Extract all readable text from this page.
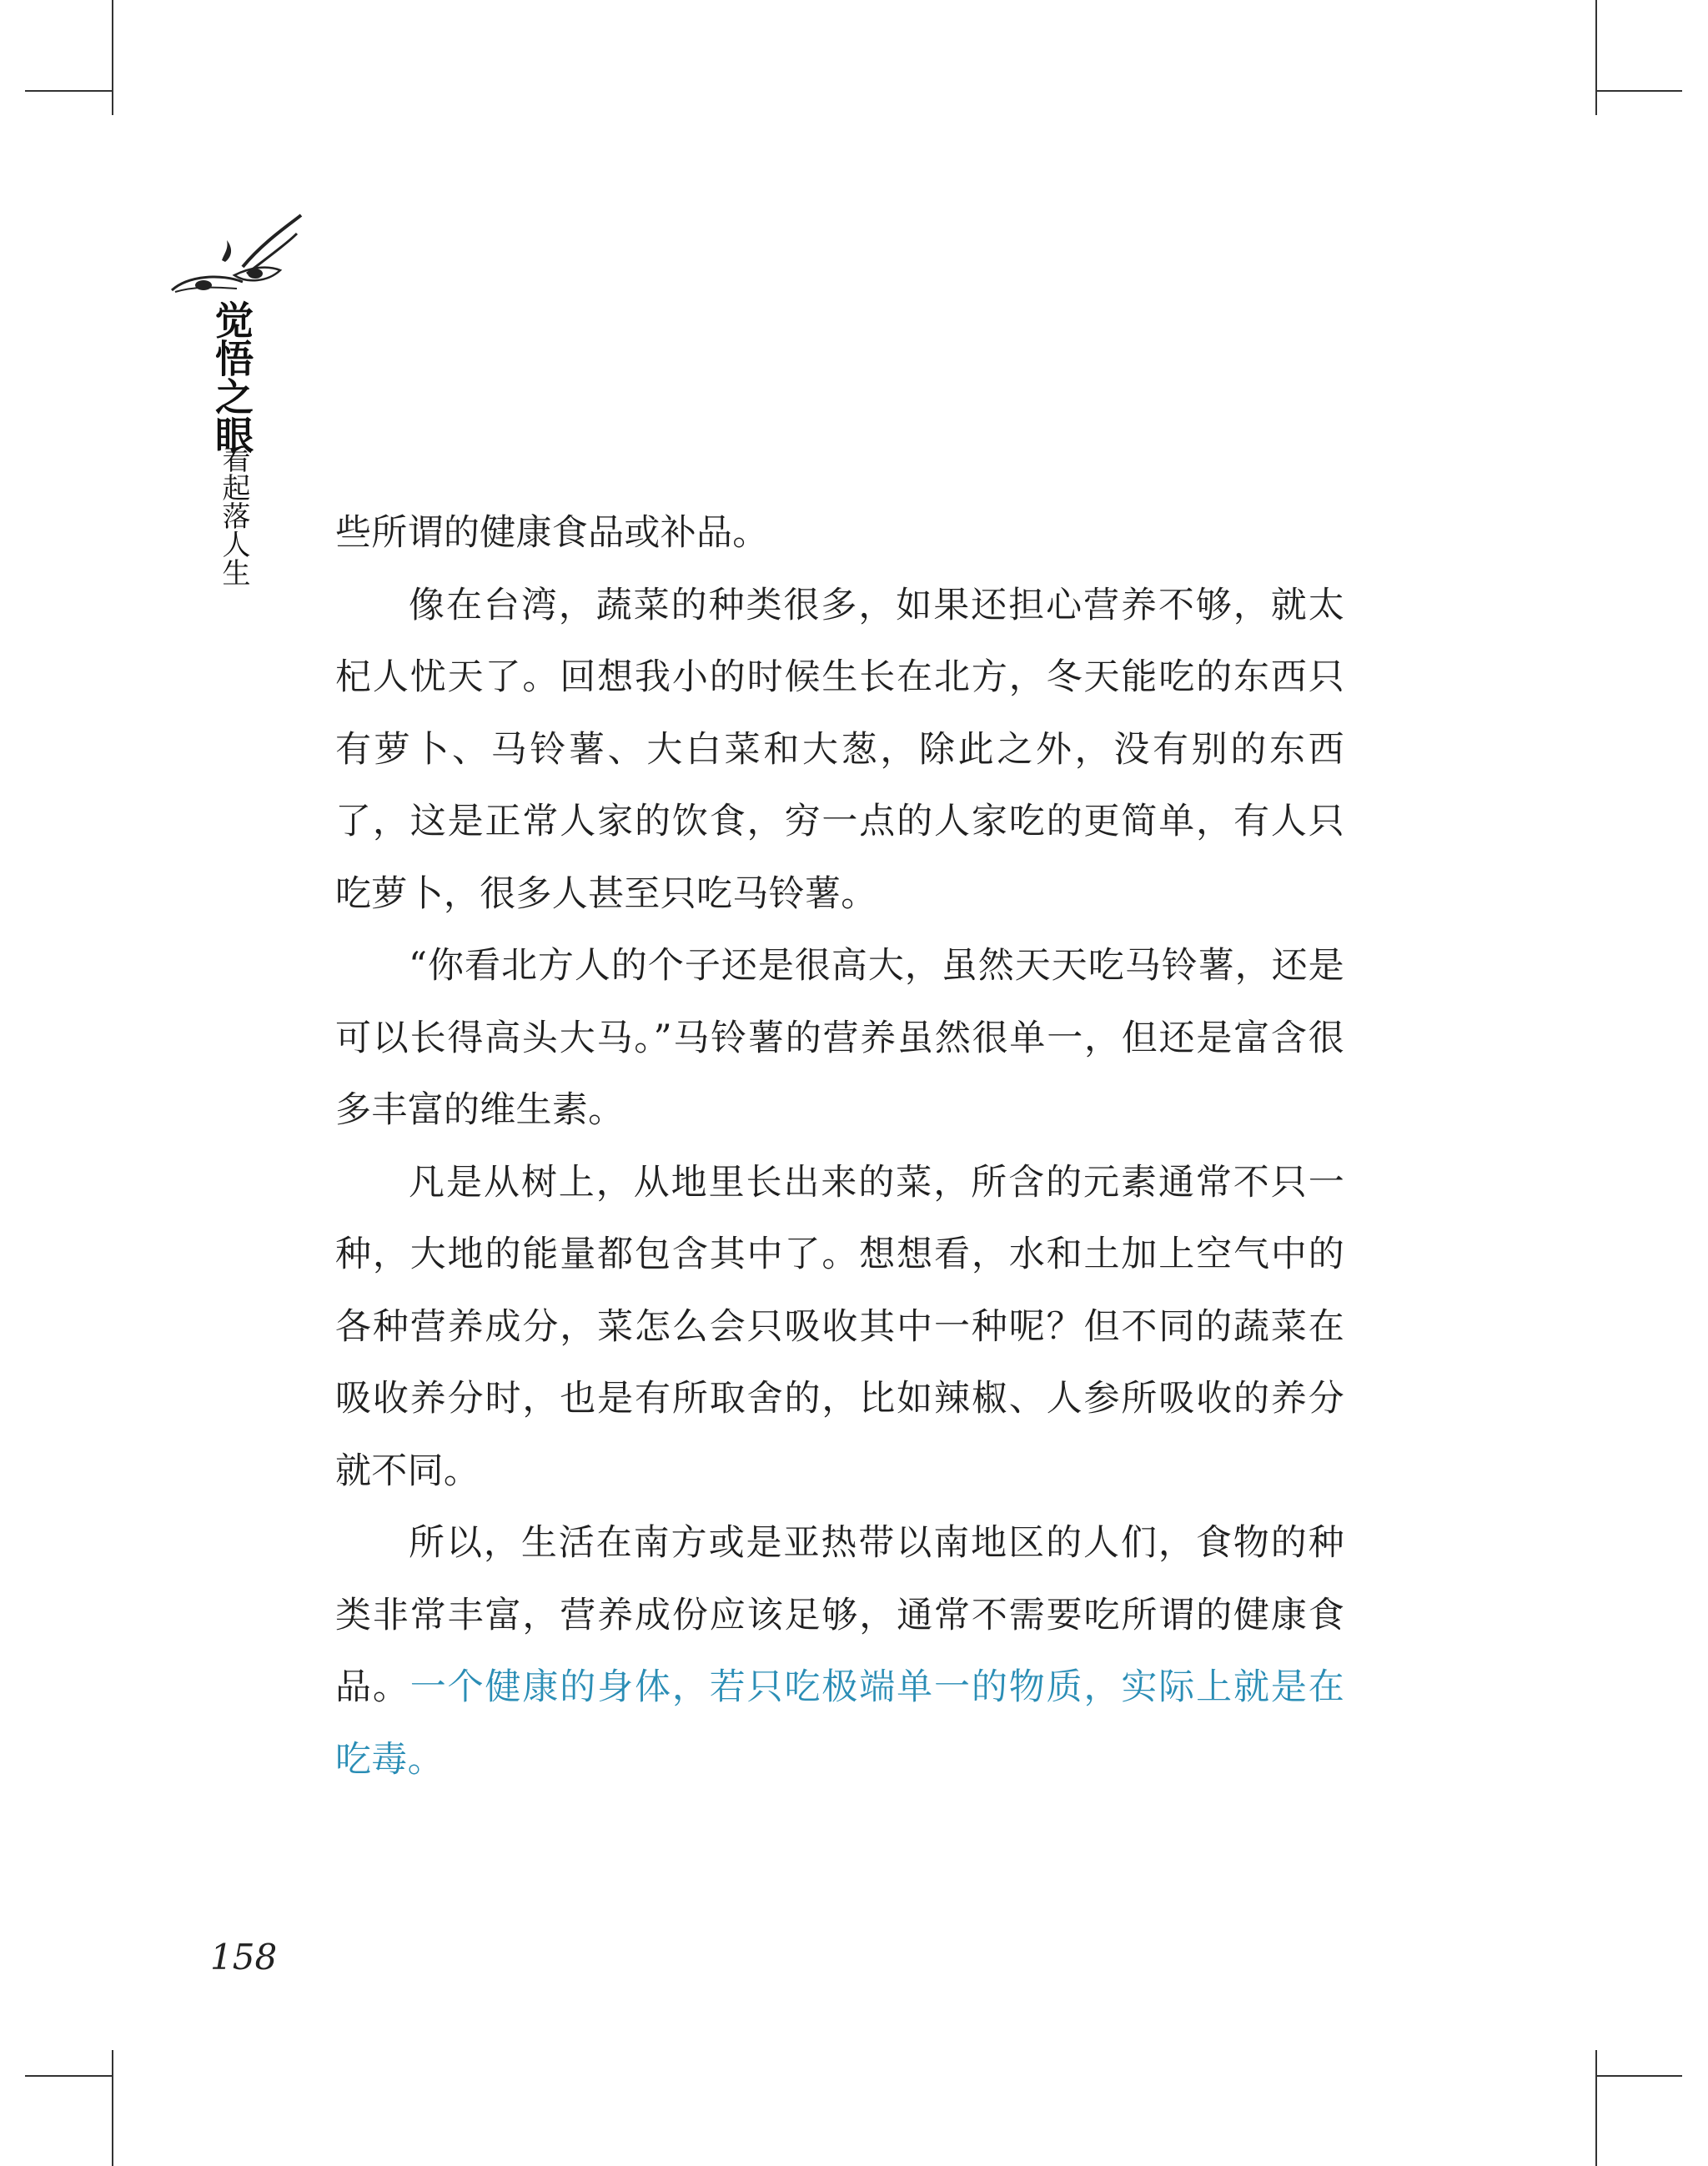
觉悟之眼
看起落人生 些所谓的健康食品或补品。

像在台湾，蔬菜的种类很多，如果还担心营养不够，就太杞人忧天了。回想我小的时候生长在北方，冬天能吃的东西只有萝卜、马铃薯、大白菜和大葱，除此之外，没有别的东西了，这是正常人家的饮食，穷一点的人家吃的更简单，有人只吃萝卜，很多人甚至只吃马铃薯。

“你看北方人的个子还是很高大，虽然天天吃马铃薯，还是可以长得高头大马。”马铃薯的营养虽然很单一，但还是富含很多丰富的维生素。

凡是从树上，从地里长出来的菜，所含的元素通常不只一种，大地的能量都包含其中了。想想看，水和土加上空气中的各种营养成分，菜怎么会只吸收其中一种呢？但不同的蔬菜在吸收养分时，也是有所取舍的，比如辣椒、人参所吸收的养分就不同。

所以，生活在南方或是亚热带以南地区的人们，食物的种类非常丰富，营养成份应该足够，通常不需要吃所谓的健康食品。一个健康的身体，若只吃极端单一的物质，实际上就是在吃毒。

158
